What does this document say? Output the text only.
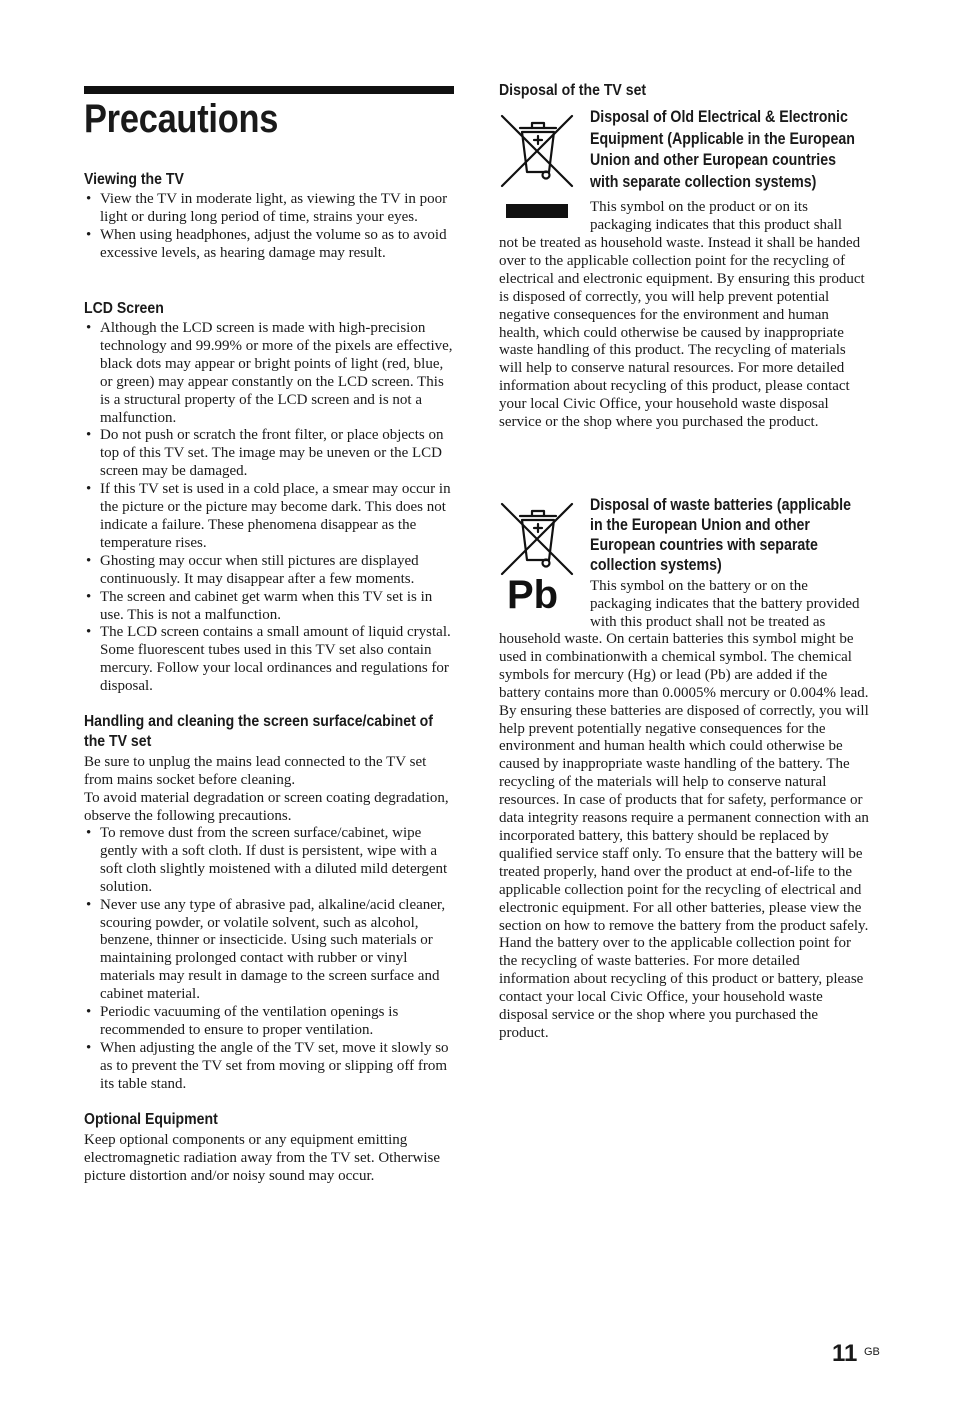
Precautions
Viewing the TV
• View the TV in moderate light, as viewing the TV in poor light or during long period of time, strains your eyes.
• When using headphones, adjust the volume so as to avoid excessive levels, as hearing damage may result.
LCD Screen
• Although the LCD screen is made with high-precision technology and 99.99% or more of the pixels are effective, black dots may appear or bright points of light (red, blue, or green) may appear constantly on the LCD screen. This is a structural property of the LCD screen and is not a malfunction.
• Do not push or scratch the front filter, or place objects on top of this TV set. The image may be uneven or the LCD screen may be damaged.
• If this TV set is used in a cold place, a smear may occur in the picture or the picture may become dark. This does not indicate a failure. These phenomena disappear as the temperature rises.
• Ghosting may occur when still pictures are displayed continuously. It may disappear after a few moments.
• The screen and cabinet get warm when this TV set is in use. This is not a malfunction.
• The LCD screen contains a small amount of liquid crystal. Some fluorescent tubes used in this TV set also contain mercury. Follow your local ordinances and regulations for disposal.
Handling and cleaning the screen surface/cabinet of the TV set

Be sure to unplug the mains lead connected to the TV set from mains socket before cleaning.

To avoid material degradation or screen coating degradation, observe the following precautions.

• To remove dust from the screen surface/cabinet, wipe gently with a soft cloth. If dust is persistent, wipe with a soft cloth slightly moistened with a diluted mild detergent solution.
• Never use any type of abrasive pad, alkaline/acid cleaner, scouring powder, or volatile solvent, such as alcohol, benzene, thinner or insecticide. Using such materials or maintaining prolonged contact with rubber or vinyl materials may result in damage to the screen surface and cabinet material.
• Periodic vacuuming of the ventilation openings is recommended to ensure to proper ventilation.
• When adjusting the angle of the TV set, move it slowly so as to prevent the TV set from moving or slipping off from its table stand.
Optional Equipment

Keep optional components or any equipment emitting electromagnetic radiation away from the TV set. Otherwise picture distortion and/or noisy sound may occur.

Disposal of the TV set
Disposal of Old Electrical & Electronic Equipment (Applicable in the European Union and other European countries with separate collection systems)
This symbol on the product or on its
packaging indicates that this product shall

not be treated as household waste. Instead it shall be handed over to the applicable collection point for the recycling of electrical and electronic equipment. By ensuring this product is disposed of correctly, you will help prevent potential negative consequences for the environment and human health, which could otherwise be caused by inappropriate waste handling of this product. The recycling of materials will help to conserve natural resources. For more detailed information about recycling of this product, please contact your local Civic Office, your household waste disposal service or the shop where you purchased the product.

Pb
Disposal of waste batteries (applicable in the European Union and other European countries with separate collection systems)
This symbol on the battery or on the
packaging indicates that the battery provided
with this product shall not be treated as

household waste. On certain batteries this symbol might be used in combinationwith a chemical symbol. The chemical symbols for mercury (Hg) or lead (Pb) are added if the battery contains more than 0.0005% mercury or 0.004% lead. By ensuring these batteries are disposed of correctly, you will help prevent potentially negative consequences for the environment and human health which could otherwise be caused by inappropriate waste handling of the battery. The recycling of the materials will help to conserve natural resources. In case of products that for safety, performance or data integrity reasons require a permanent connection with an incorporated battery, this battery should be replaced by qualified service staff only. To ensure that the battery will be treated properly, hand over the product at end-of-life to the applicable collection point for the recycling of electrical and electronic equipment. For all other batteries, please view the section on how to remove the battery from the product safely. Hand the battery over to the applicable collection point for the recycling of waste batteries. For more detailed information about recycling of this product or battery, please contact your local Civic Office, your household waste disposal service or the shop where you purchased the product.

11 GB
